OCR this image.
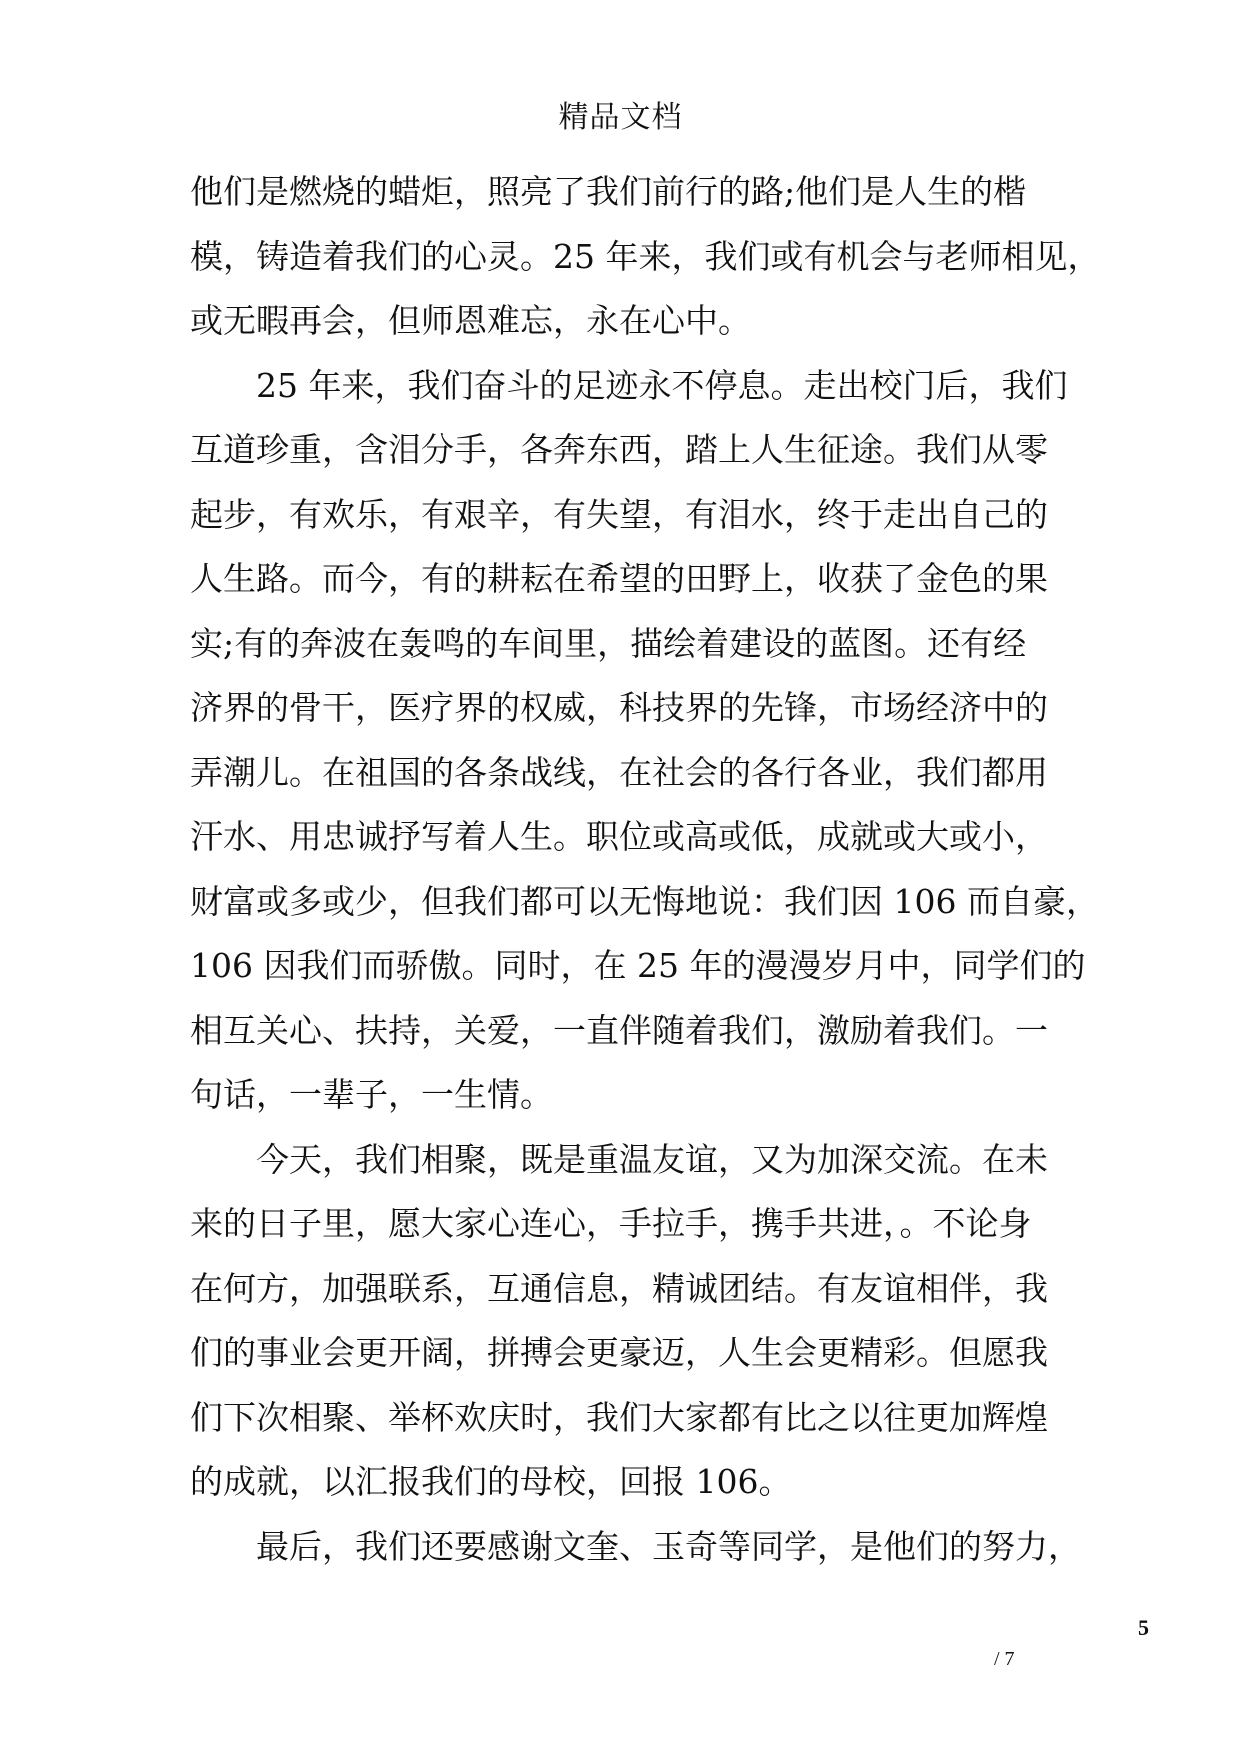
精品文档
他们是燃烧的蜡炬，照亮了我们前行的路;他们是人生的楷
模，铸造着我们的心灵。25 年来，我们或有机会与老师相见，
或无暇再会，但师恩难忘，永在心中。
25 年来，我们奋斗的足迹永不停息。走出校门后，我们
互道珍重，含泪分手，各奔东西，踏上人生征途。我们从零
起步，有欢乐，有艰辛，有失望，有泪水，终于走出自己的
人生路。而今，有的耕耘在希望的田野上，收获了金色的果
实;有的奔波在轰鸣的车间里，描绘着建设的蓝图。还有经
济界的骨干，医疗界的权威，科技界的先锋，市场经济中的
弄潮儿。在祖国的各条战线，在社会的各行各业，我们都用
汗水、用忠诚抒写着人生。职位或高或低，成就或大或小，
财富或多或少，但我们都可以无悔地说：我们因 106 而自豪，
106 因我们而骄傲。同时，在 25 年的漫漫岁月中，同学们的
相互关心、扶持，关爱，一直伴随着我们，激励着我们。一
句话，一辈子，一生情。
今天，我们相聚，既是重温友谊，又为加深交流。在未
来的日子里，愿大家心连心，手拉手，携手共进，。不论身
在何方，加强联系，互通信息，精诚团结。有友谊相伴，我
们的事业会更开阔，拼搏会更豪迈，人生会更精彩。但愿我
们下次相聚、举杯欢庆时，我们大家都有比之以往更加辉煌
的成就，以汇报我们的母校，回报 106。
最后，我们还要感谢文奎、玉奇等同学，是他们的努力，
5
/ 7
